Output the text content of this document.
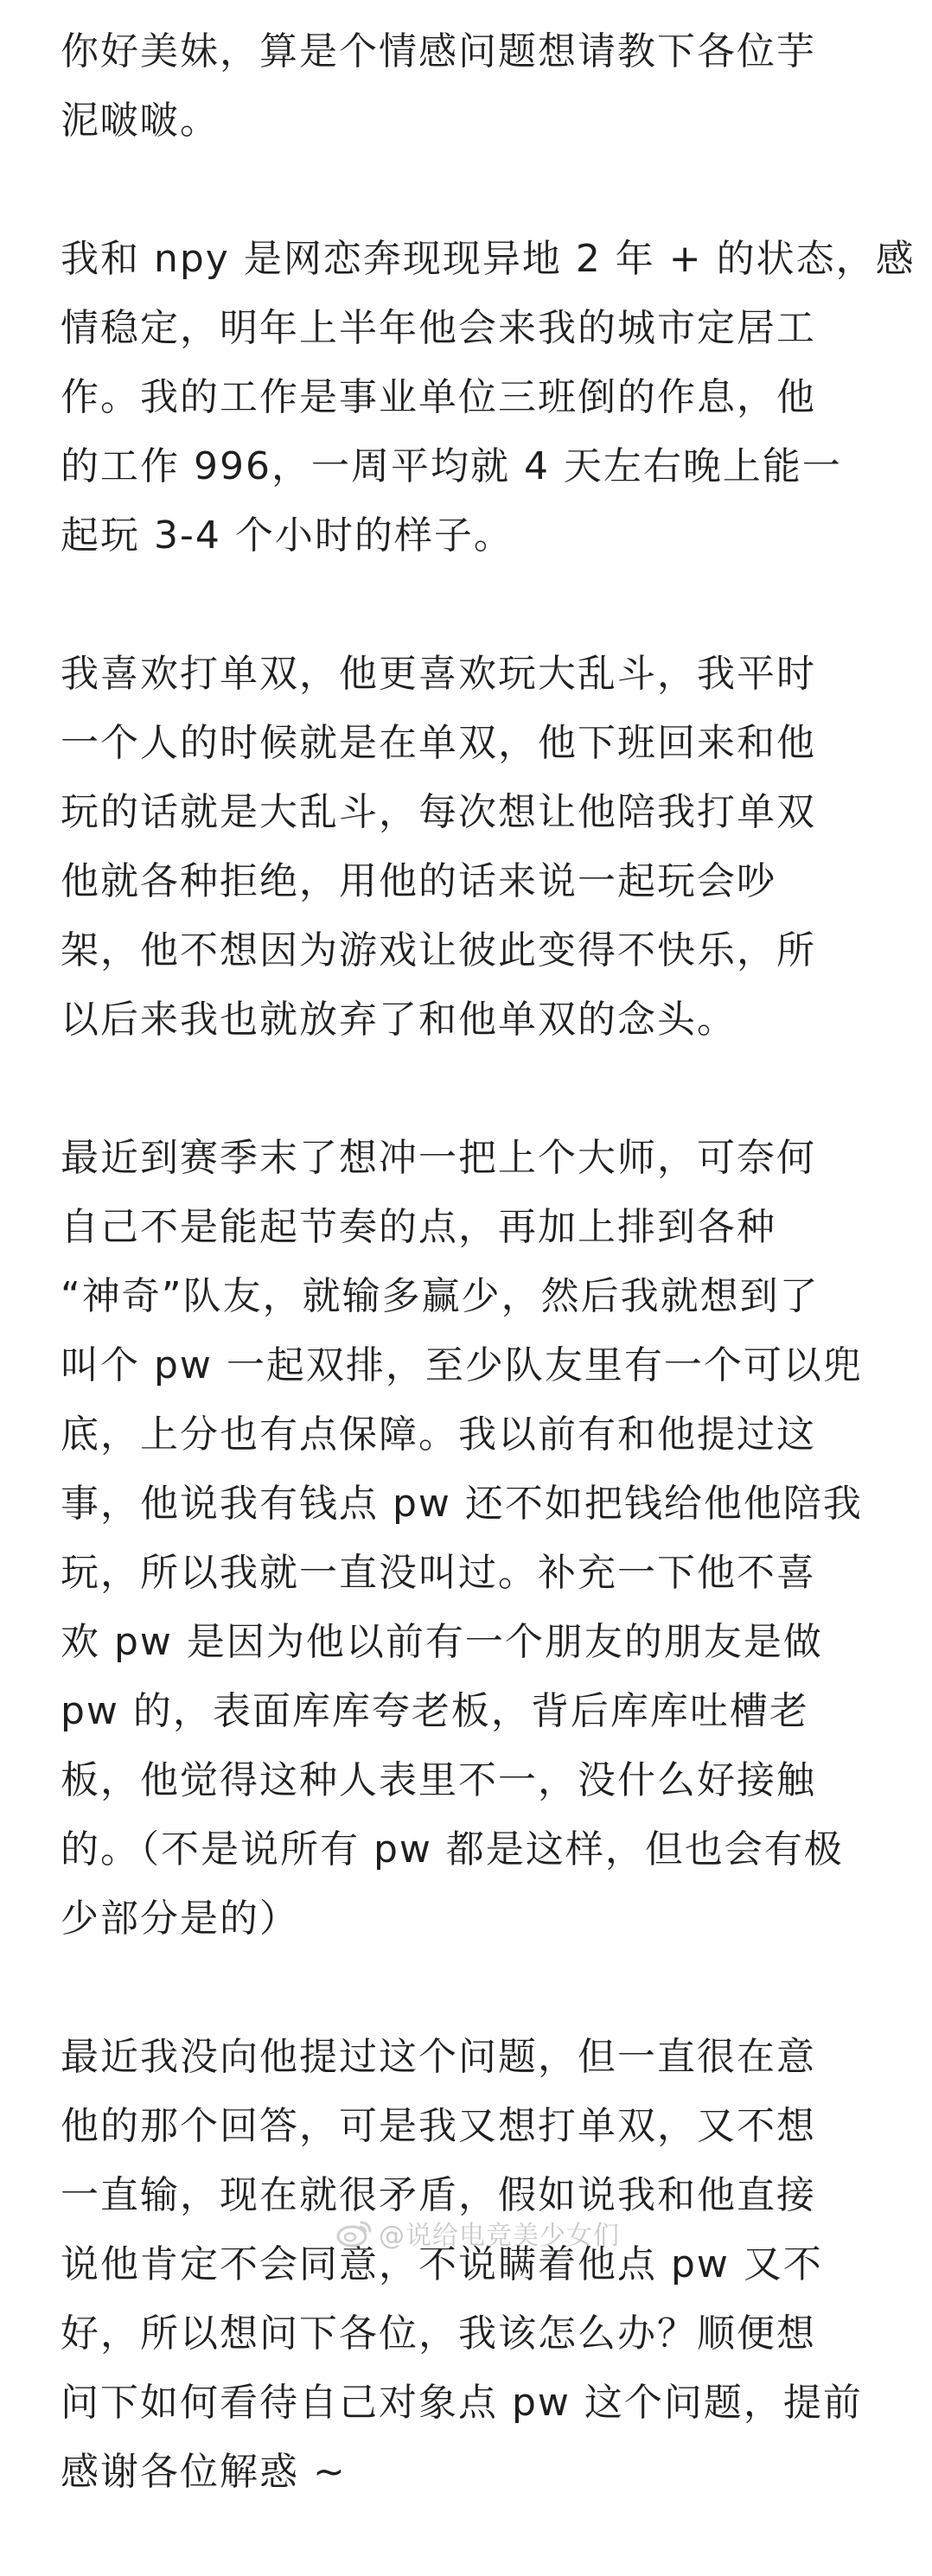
你好美妹，算是个情感问题想请教下各位芋
泥啵啵。
我和 npy 是网恋奔现现异地 2 年 + 的状态，感
情稳定，明年上半年他会来我的城市定居工
作。我的工作是事业单位三班倒的作息，他
的工作 996，一周平均就 4 天左右晚上能一
起玩 3-4 个小时的样子。
我喜欢打单双，他更喜欢玩大乱斗，我平时
一个人的时候就是在单双，他下班回来和他
玩的话就是大乱斗，每次想让他陪我打单双
他就各种拒绝，用他的话来说一起玩会吵
架，他不想因为游戏让彼此变得不快乐，所
以后来我也就放弃了和他单双的念头。
最近到赛季末了想冲一把上个大师，可奈何
自己不是能起节奏的点，再加上排到各种
“神奇”队友，就输多赢少，然后我就想到了
叫个 pw 一起双排，至少队友里有一个可以兜
底，上分也有点保障。我以前有和他提过这
事，他说我有钱点 pw 还不如把钱给他他陪我
玩，所以我就一直没叫过。补充一下他不喜
欢 pw 是因为他以前有一个朋友的朋友是做
pw 的，表面库库夸老板，背后库库吐槽老
板，他觉得这种人表里不一，没什么好接触
的。（不是说所有 pw 都是这样，但也会有极
少部分是的）
最近我没向他提过这个问题，但一直很在意
他的那个回答，可是我又想打单双，又不想
一直输，现在就很矛盾，假如说我和他直接
说他肯定不会同意，不说瞒着他点 pw 又不
好，所以想问下各位，我该怎么办？顺便想
问下如何看待自己对象点 pw 这个问题，提前
感谢各位解惑 ~
@说给电竞美少女们
